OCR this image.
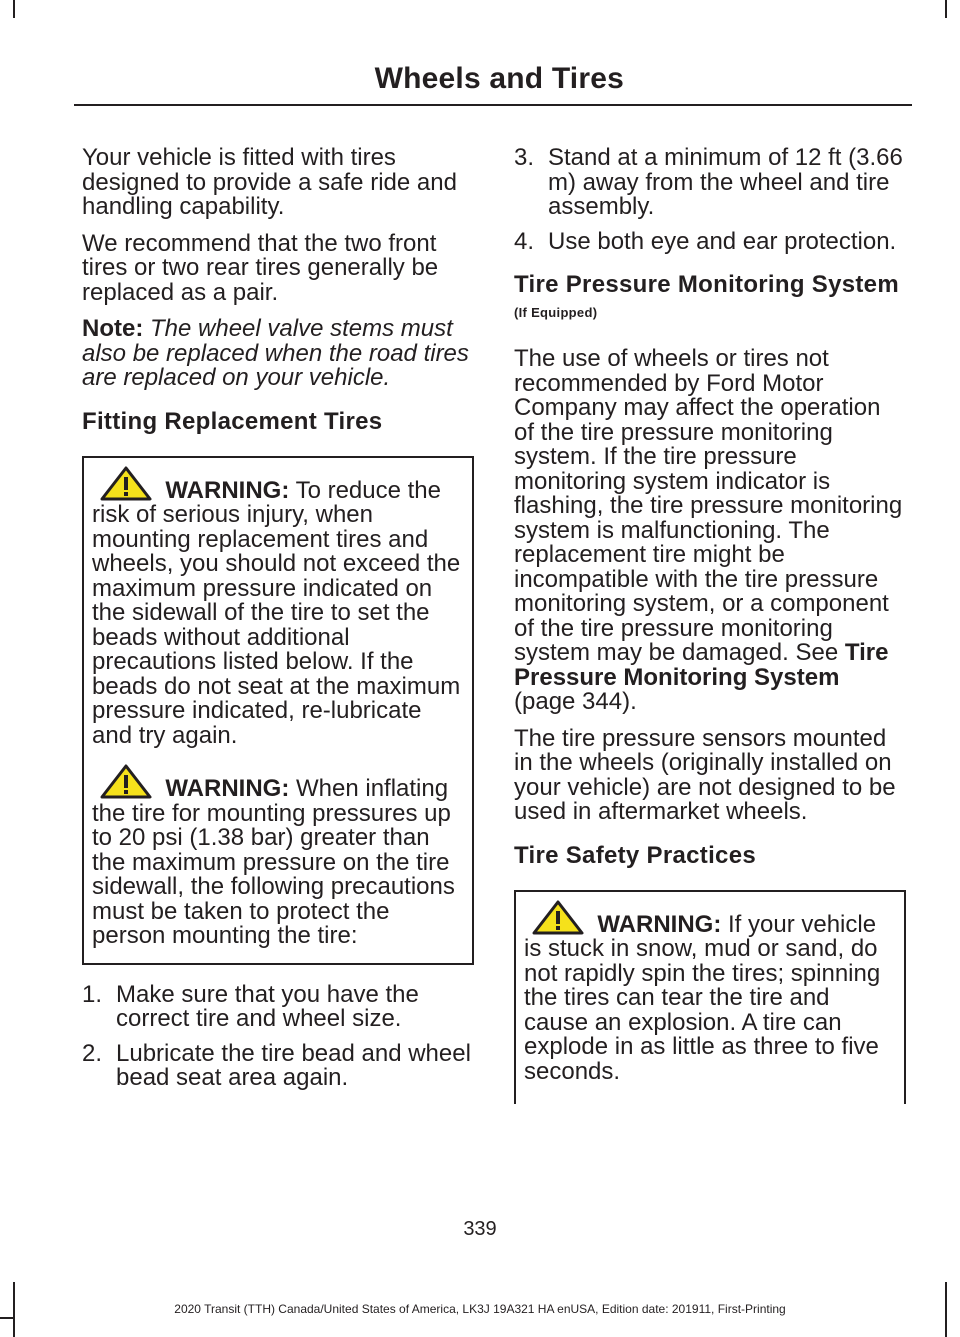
Wheels and Tires

Your vehicle is fitted with tires designed to provide a safe ride and handling capability.

We recommend that the two front tires or two rear tires generally be replaced as a pair.

Note: The wheel valve stems must also be replaced when the road tires are replaced on your vehicle.

Fitting Replacement Tires

WARNING: To reduce the risk of serious injury, when mounting replacement tires and wheels, you should not exceed the maximum pressure indicated on the sidewall of the tire to set the beads without additional precautions listed below. If the beads do not seat at the maximum pressure indicated, re-lubricate and try again.

WARNING: When inflating the tire for mounting pressures up to 20 psi (1.38 bar) greater than the maximum pressure on the tire sidewall, the following precautions must be taken to protect the person mounting the tire:

1. Make sure that you have the correct tire and wheel size.
2. Lubricate the tire bead and wheel bead seat area again.
3. Stand at a minimum of 12 ft (3.66 m) away from the wheel and tire assembly.
4. Use both eye and ear protection.
Tire Pressure Monitoring System (If Equipped)

The use of wheels or tires not recommended by Ford Motor Company may affect the operation of the tire pressure monitoring system. If the tire pressure monitoring system indicator is flashing, the tire pressure monitoring system is malfunctioning. The replacement tire might be incompatible with the tire pressure monitoring system, or a component of the tire pressure monitoring system may be damaged. See Tire Pressure Monitoring System (page 344).

The tire pressure sensors mounted in the wheels (originally installed on your vehicle) are not designed to be used in aftermarket wheels.

Tire Safety Practices

WARNING: If your vehicle is stuck in snow, mud or sand, do not rapidly spin the tires; spinning the tires can tear the tire and cause an explosion. A tire can explode in as little as three to five seconds.

339
2020 Transit (TTH) Canada/United States of America, LK3J 19A321 HA enUSA, Edition date: 201911, First-Printing
